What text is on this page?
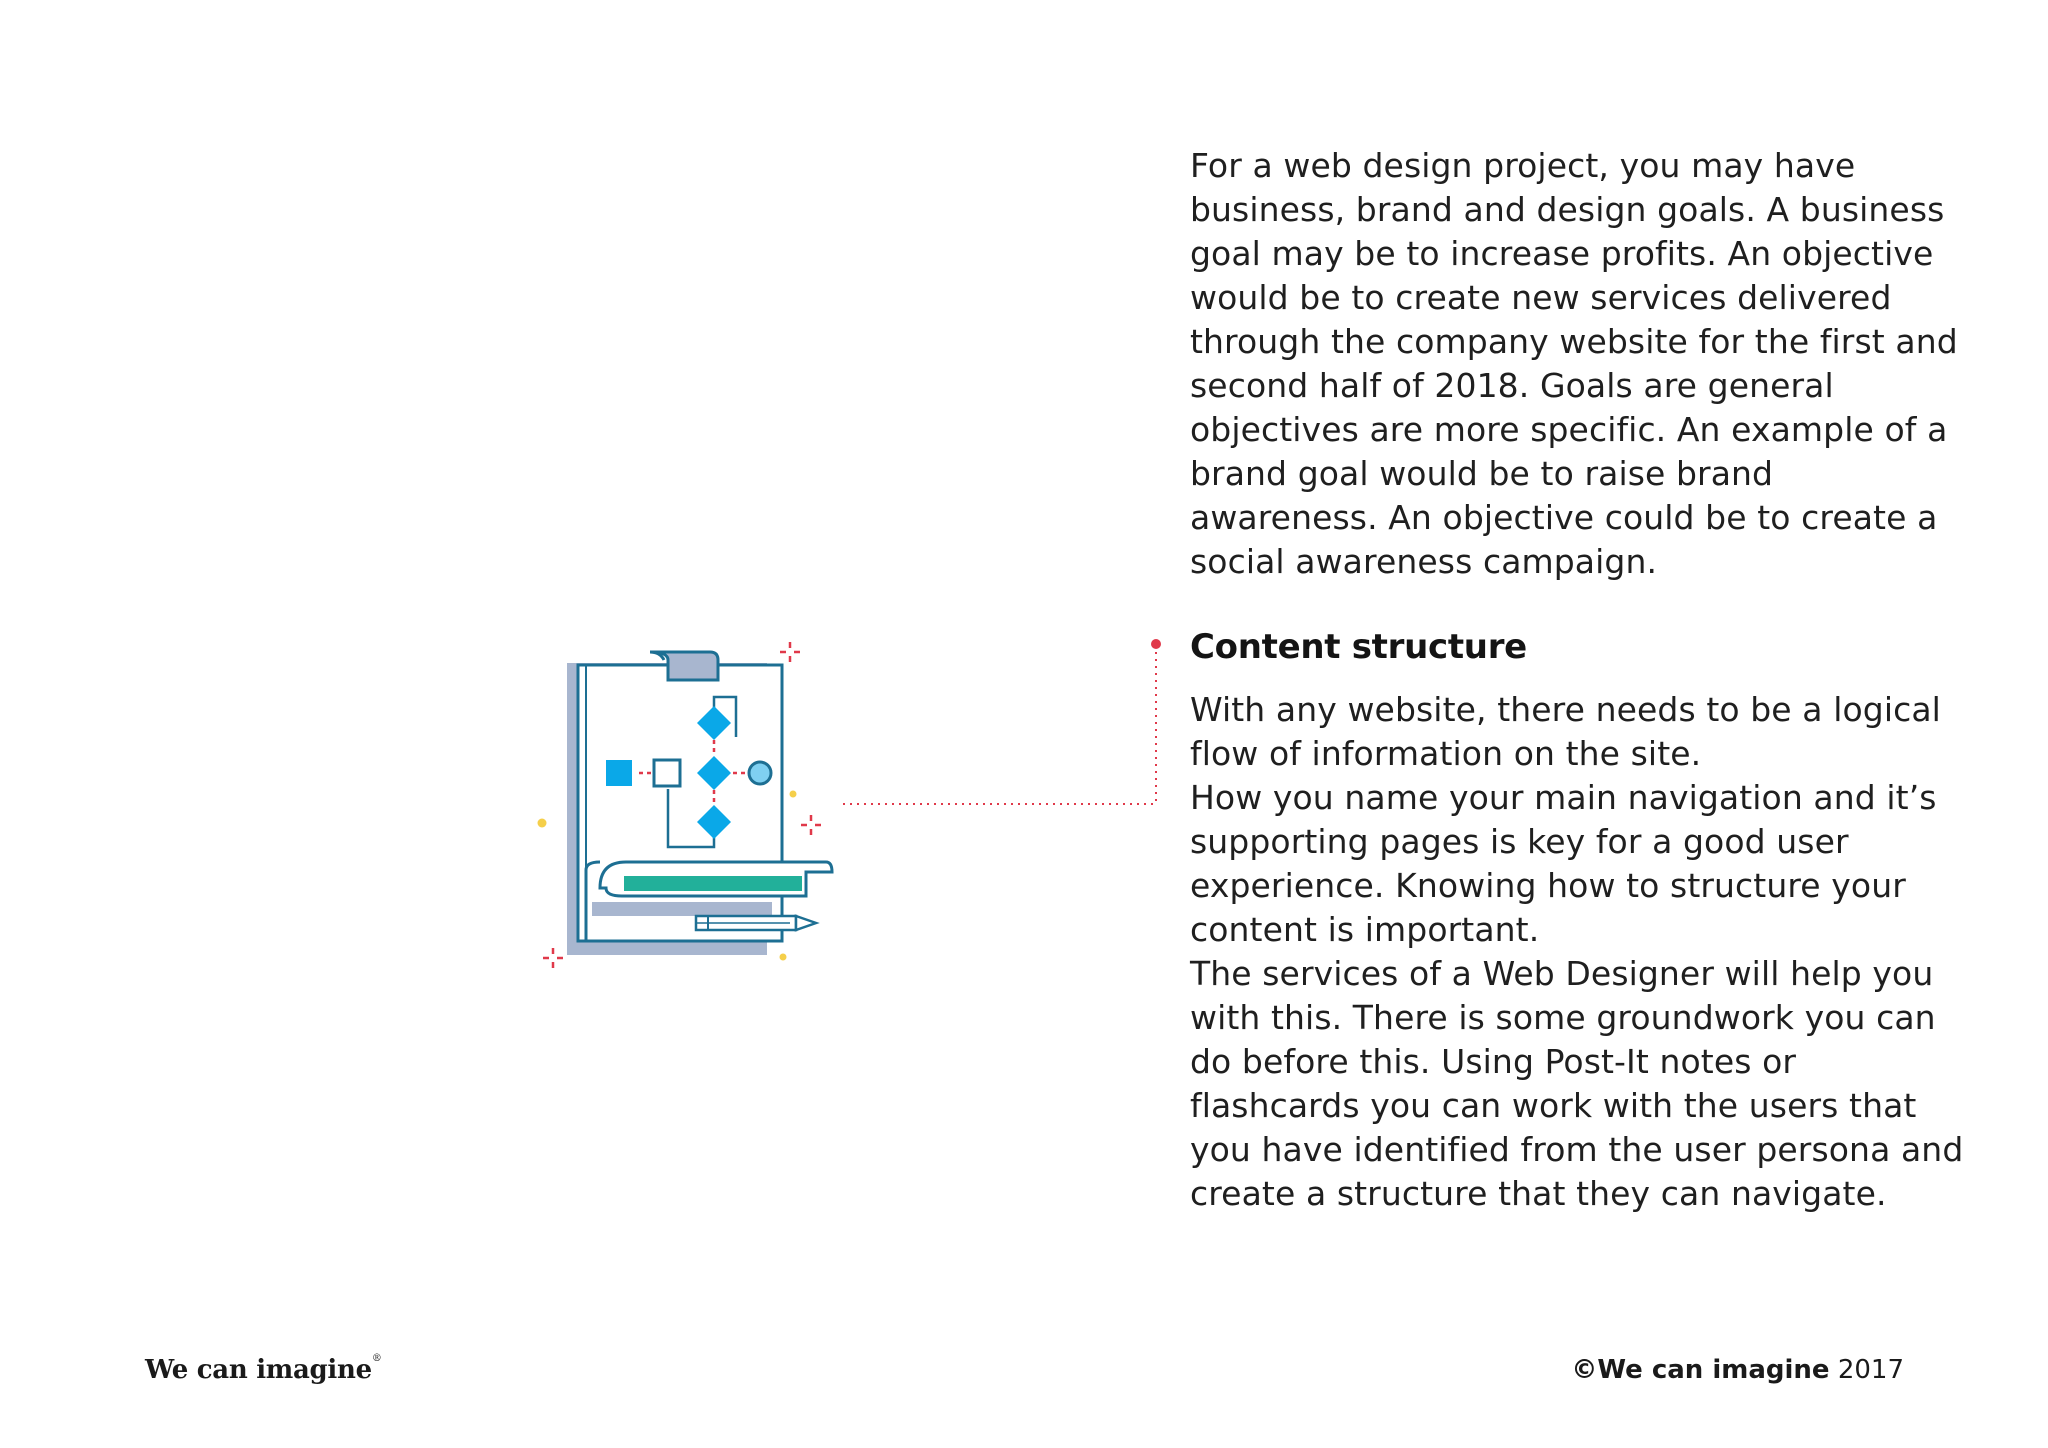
For a web design project, you may have business, brand and design goals. A business goal may be to increase profits. An objective would be to create new services delivered through the company website for the first and second half of 2018. Goals are general objectives are more specific. An example of a brand goal would be to raise brand awareness. An objective could be to create a social awareness campaign.

Content structure

With any website, there needs to be a logical flow of information on the site.

How you name your main navigation and it’s supporting pages is key for a good user experience. Knowing how to structure your content is important.

The services of a Web Designer will help you with this. There is some groundwork you can do before this. Using Post-It notes or flashcards you can work with the users that you have identified from the user persona and create a structure that they can navigate.

We can imagine®	©We can imagine 2017
